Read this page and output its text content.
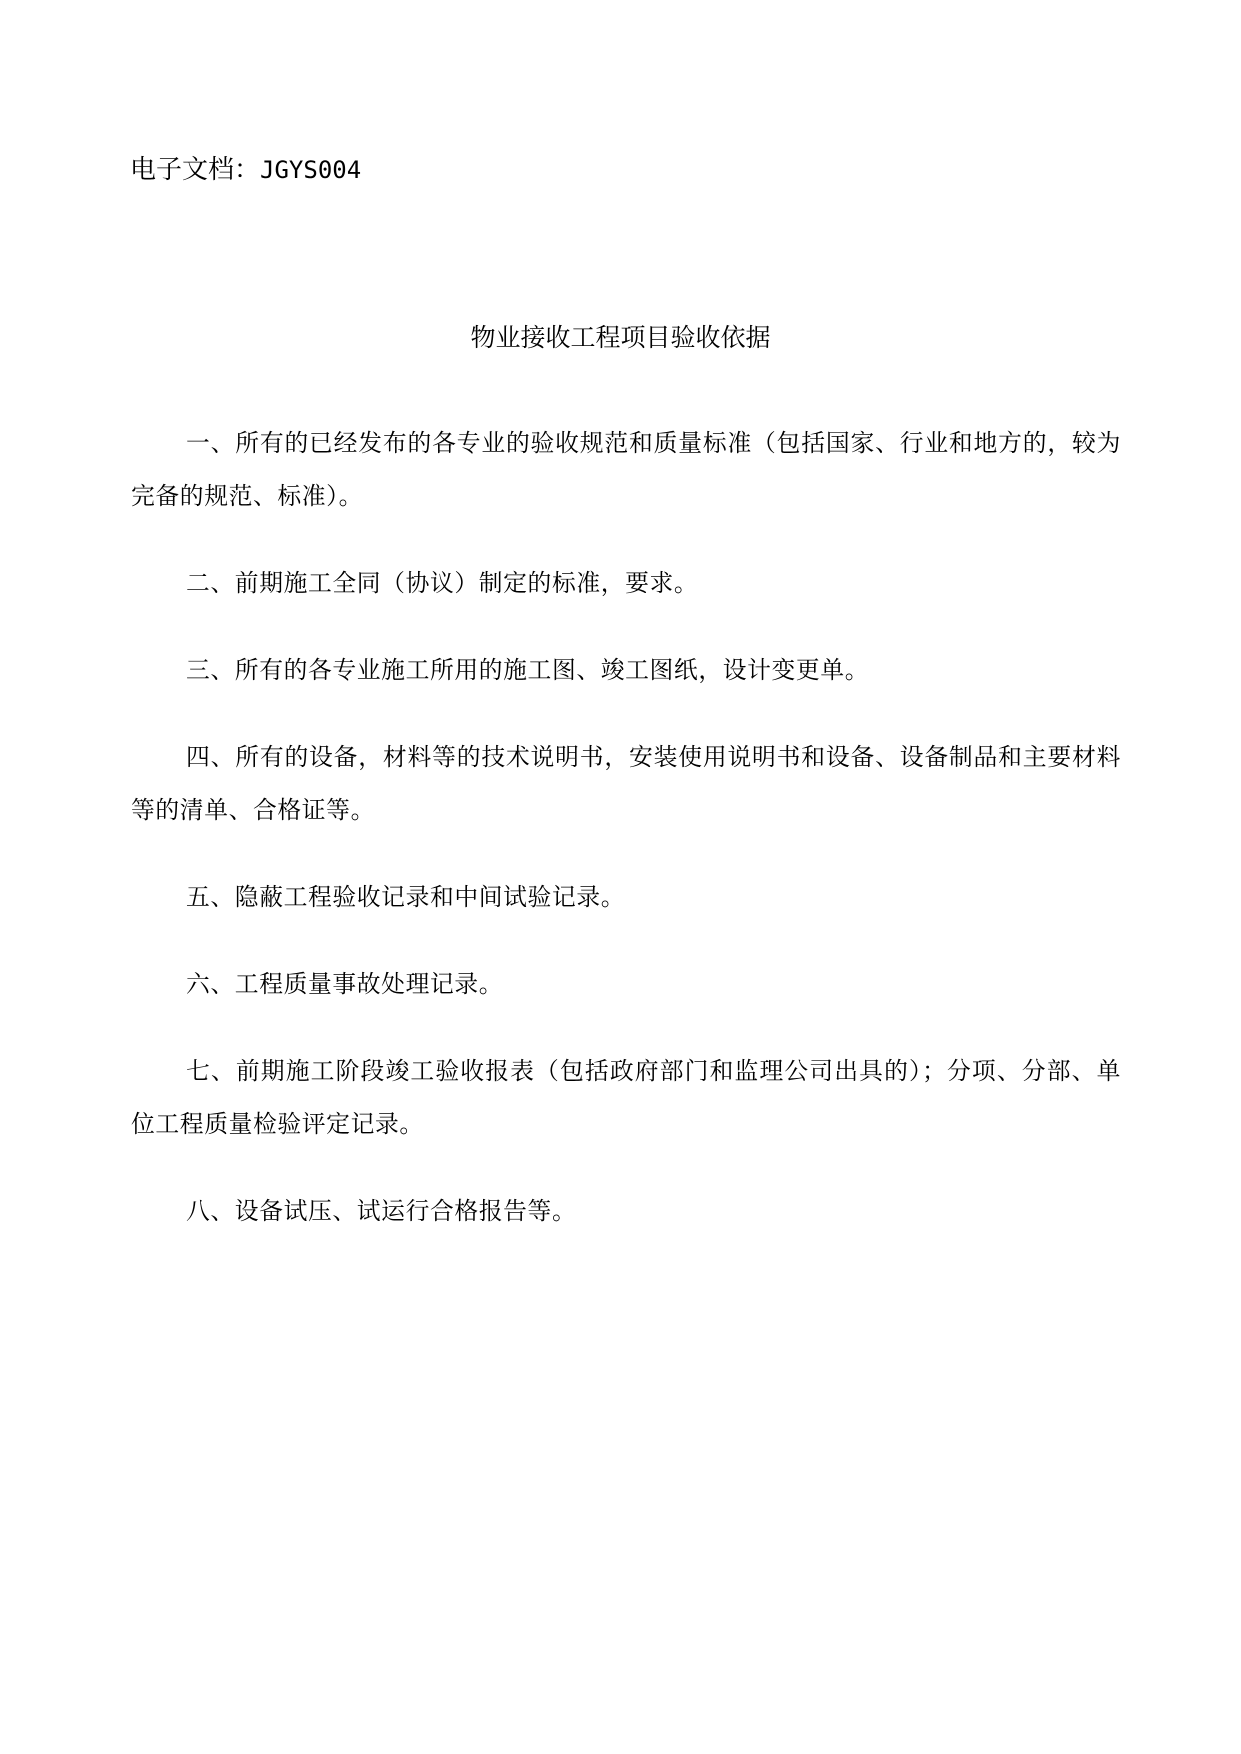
电子文档：JGYS004
物业接收工程项目验收依据

一、所有的已经发布的各专业的验收规范和质量标准（包括国家、行业和地方的，较为完备的规范、标准）。

二、前期施工全同（协议）制定的标准，要求。

三、所有的各专业施工所用的施工图、竣工图纸，设计变更单。

四、所有的设备，材料等的技术说明书，安装使用说明书和设备、设备制品和主要材料等的清单、合格证等。

五、隐蔽工程验收记录和中间试验记录。

六、工程质量事故处理记录。

七、前期施工阶段竣工验收报表（包括政府部门和监理公司出具的）；分项、分部、单位工程质量检验评定记录。

八、设备试压、试运行合格报告等。
